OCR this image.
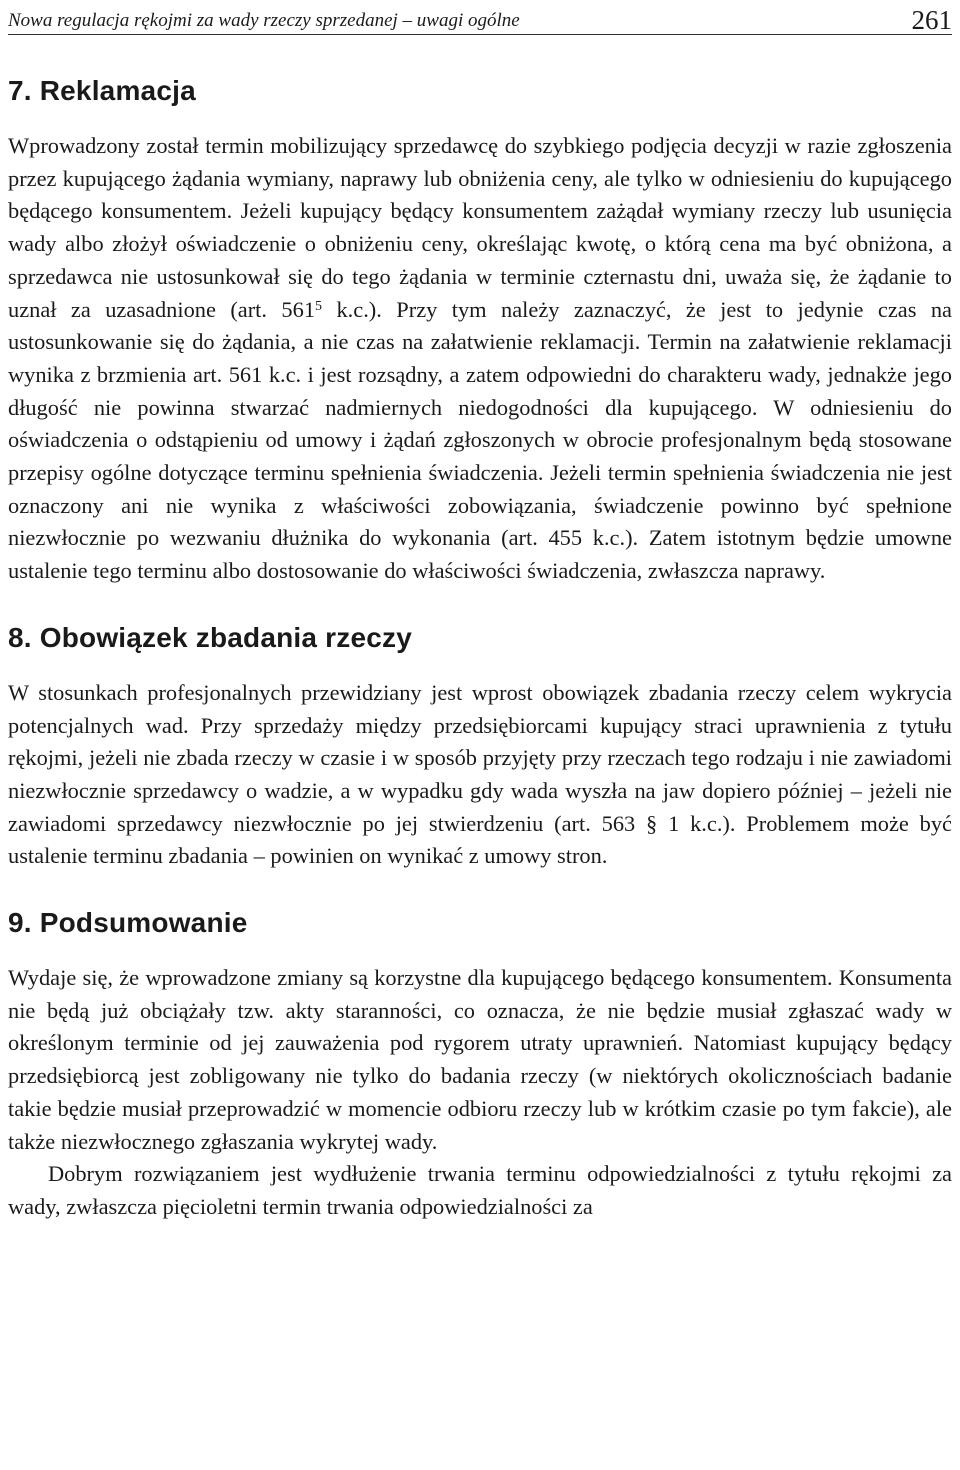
Nowa regulacja rękojmi za wady rzeczy sprzedanej – uwagi ogólne	261
7. Reklamacja

Wprowadzony został termin mobilizujący sprzedawcę do szybkiego podjęcia decyzji w razie zgłoszenia przez kupującego żądania wymiany, naprawy lub obniżenia ceny, ale tylko w odniesieniu do kupującego będącego konsumentem. Jeżeli kupujący będący konsumentem zażądał wymiany rzeczy lub usunięcia wady albo złożył oświadczenie o obniżeniu ceny, określając kwotę, o którą cena ma być obniżona, a sprzedawca nie ustosunkował się do tego żądania w terminie czternastu dni, uważa się, że żądanie to uznał za uzasadnione (art. $561^5$ k.c.). Przy tym należy zaznaczyć, że jest to jedynie czas na ustosunkowanie się do żądania, a nie czas na załatwienie reklamacji. Termin na załatwienie reklamacji wynika z brzmienia art. 561 k.c. i jest rozsądny, a zatem odpowiedni do charakteru wady, jednakże jego długość nie powinna stwarzać nadmiernych niedogodności dla kupującego. W odniesieniu do oświadczenia o odstąpieniu od umowy i żądań zgłoszonych w obrocie profesjonalnym będą stosowane przepisy ogólne dotyczące terminu spełnienia świadczenia. Jeżeli termin spełnienia świadczenia nie jest oznaczony ani nie wynika z właściwości zobowiązania, świadczenie powinno być spełnione niezwłocznie po wezwaniu dłużnika do wykonania (art. 455 k.c.). Zatem istotnym będzie umowne ustalenie tego terminu albo dostosowanie do właściwości świadczenia, zwłaszcza naprawy.

8. Obowiązek zbadania rzeczy

W stosunkach profesjonalnych przewidziany jest wprost obowiązek zbadania rzeczy celem wykrycia potencjalnych wad. Przy sprzedaży między przedsiębiorcami kupujący straci uprawnienia z tytułu rękojmi, jeżeli nie zbada rzeczy w czasie i w sposób przyjęty przy rzeczach tego rodzaju i nie zawiadomi niezwłocznie sprzedawcy o wadzie, a w wypadku gdy wada wyszła na jaw dopiero później – jeżeli nie zawiadomi sprzedawcy niezwłocznie po jej stwierdzeniu (art. 563 § 1 k.c.). Problemem może być ustalenie terminu zbadania – powinien on wynikać z umowy stron.

9. Podsumowanie

Wydaje się, że wprowadzone zmiany są korzystne dla kupującego będącego konsumentem. Konsumenta nie będą już obciążały tzw. akty staranności, co oznacza, że nie będzie musiał zgłaszać wady w określonym terminie od jej zauważenia pod rygorem utraty uprawnień. Natomiast kupujący będący przedsiębiorcą jest zobligowany nie tylko do badania rzeczy (w niektórych okolicznościach badanie takie będzie musiał przeprowadzić w momencie odbioru rzeczy lub w krótkim czasie po tym fakcie), ale także niezwłocznego zgłaszania wykrytej wady.

Dobrym rozwiązaniem jest wydłużenie trwania terminu odpowiedzialności z tytułu rękojmi za wady, zwłaszcza pięcioletni termin trwania odpowiedzialności za
